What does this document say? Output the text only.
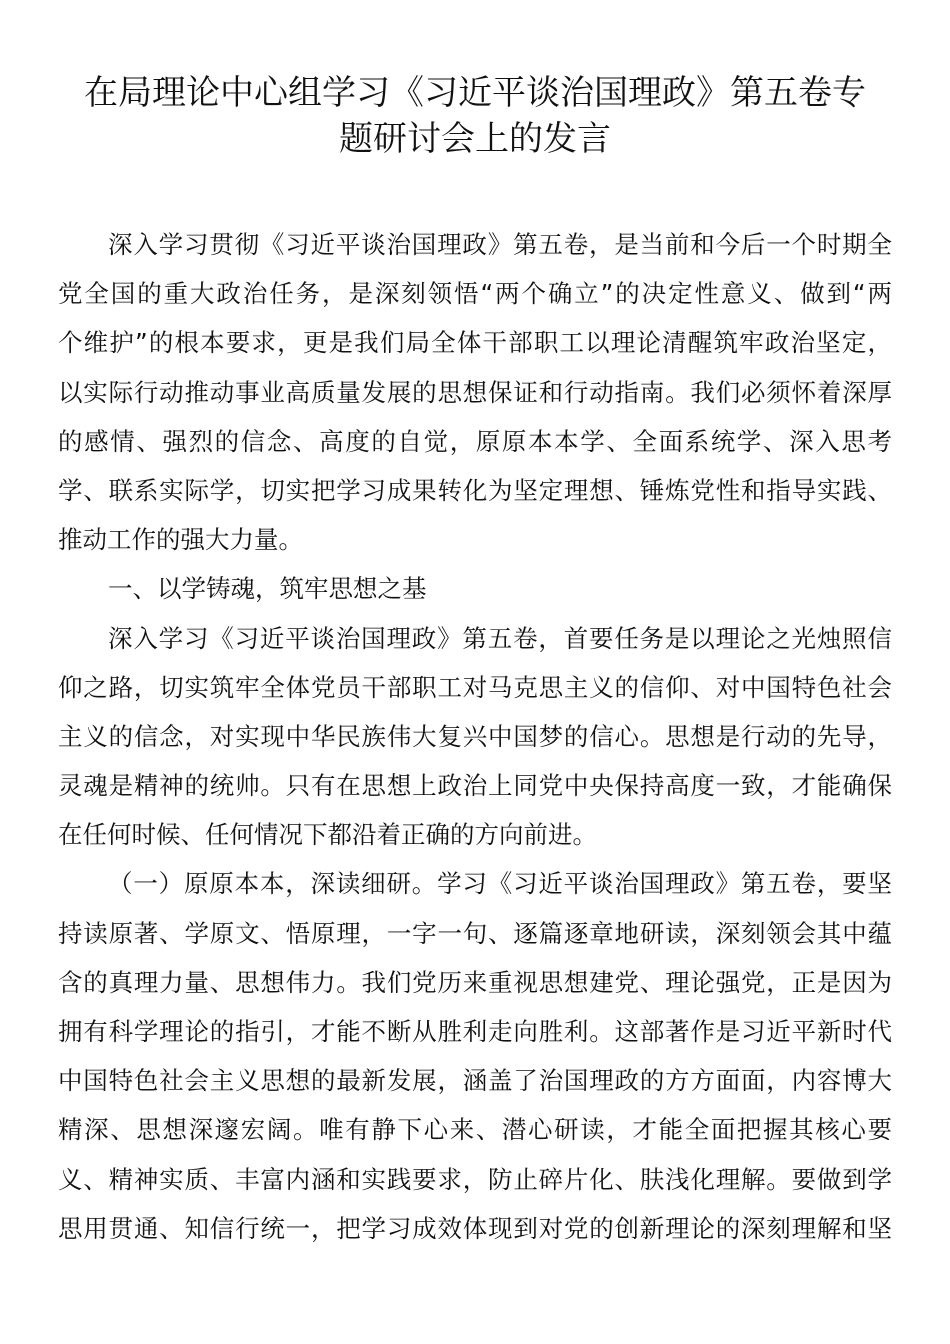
在局理论中心组学习《习近平谈治国理政》第五卷专
题研讨会上的发言
深入学习贯彻《习近平谈治国理政》第五卷，是当前和今后一个时期全
党全国的重大政治任务，是深刻领悟“两个确立”的决定性意义、做到“两
个维护”的根本要求，更是我们局全体干部职工以理论清醒筑牢政治坚定，
以实际行动推动事业高质量发展的思想保证和行动指南。我们必须怀着深厚
的感情、强烈的信念、高度的自觉，原原本本学、全面系统学、深入思考
学、联系实际学，切实把学习成果转化为坚定理想、锤炼党性和指导实践、
推动工作的强大力量。
一、以学铸魂，筑牢思想之基
深入学习《习近平谈治国理政》第五卷，首要任务是以理论之光烛照信
仰之路，切实筑牢全体党员干部职工对马克思主义的信仰、对中国特色社会
主义的信念，对实现中华民族伟大复兴中国梦的信心。思想是行动的先导，
灵魂是精神的统帅。只有在思想上政治上同党中央保持高度一致，才能确保
在任何时候、任何情况下都沿着正确的方向前进。
（一）原原本本，深读细研。学习《习近平谈治国理政》第五卷，要坚
持读原著、学原文、悟原理，一字一句、逐篇逐章地研读，深刻领会其中蕴
含的真理力量、思想伟力。我们党历来重视思想建党、理论强党，正是因为
拥有科学理论的指引，才能不断从胜利走向胜利。这部著作是习近平新时代
中国特色社会主义思想的最新发展，涵盖了治国理政的方方面面，内容博大
精深、思想深邃宏阔。唯有静下心来、潜心研读，才能全面把握其核心要
义、精神实质、丰富内涵和实践要求，防止碎片化、肤浅化理解。要做到学
思用贯通、知信行统一，把学习成效体现到对党的创新理论的深刻理解和坚
